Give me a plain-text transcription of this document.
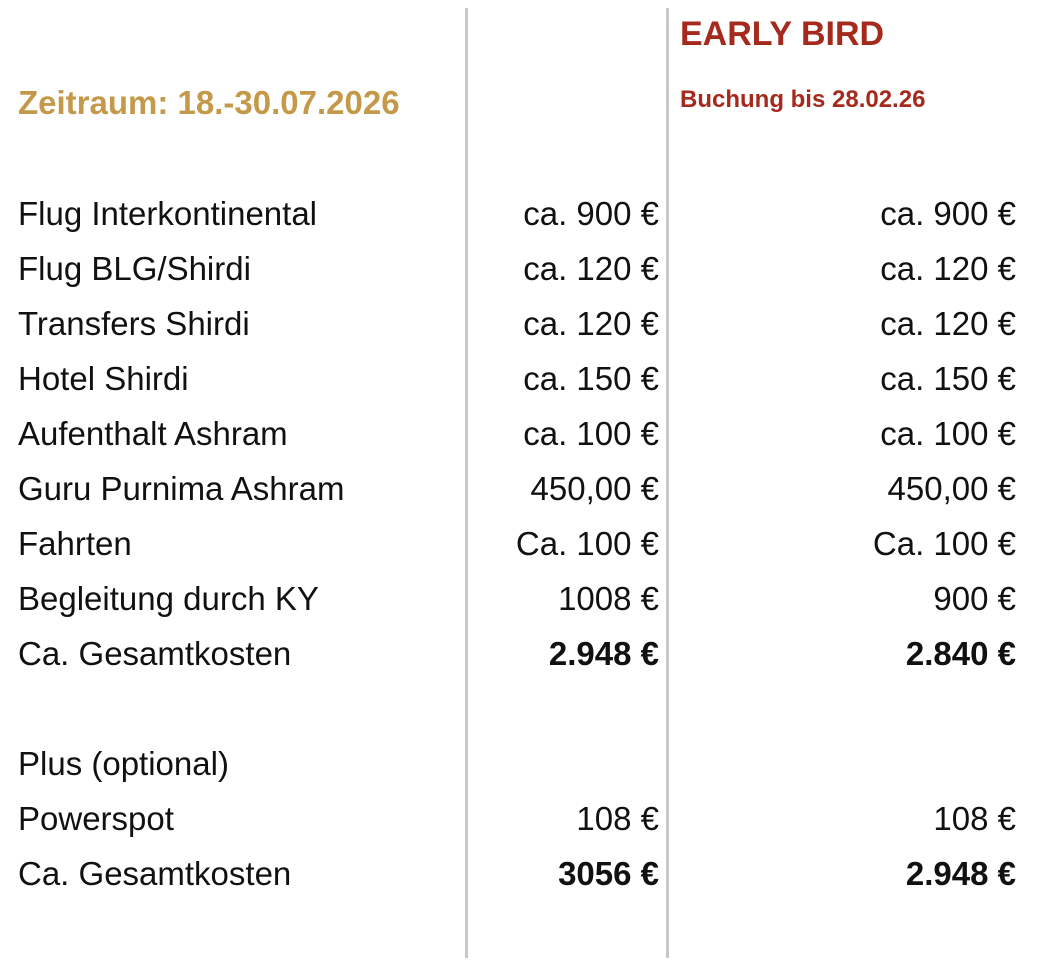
Zeitraum: 18.-30.07.2026
EARLY BIRD
Buchung bis 28.02.26
Flug Interkontinental	ca. 900 €	ca. 900 €
Flug BLG/Shirdi	ca. 120 €	ca. 120 €
Transfers Shirdi	ca. 120 €	ca. 120 €
Hotel Shirdi	ca. 150 €	ca. 150 €
Aufenthalt Ashram	ca. 100 €	ca. 100 €
Guru Purnima Ashram	450,00 €	450,00 €
Fahrten	Ca. 100 €	Ca. 100 €
Begleitung durch KY	1008 €	900 €
Ca. Gesamtkosten	2.948 €	2.840 €
Plus (optional)
Powerspot	108 €	108 €
Ca. Gesamtkosten	3056 €	2.948 €
